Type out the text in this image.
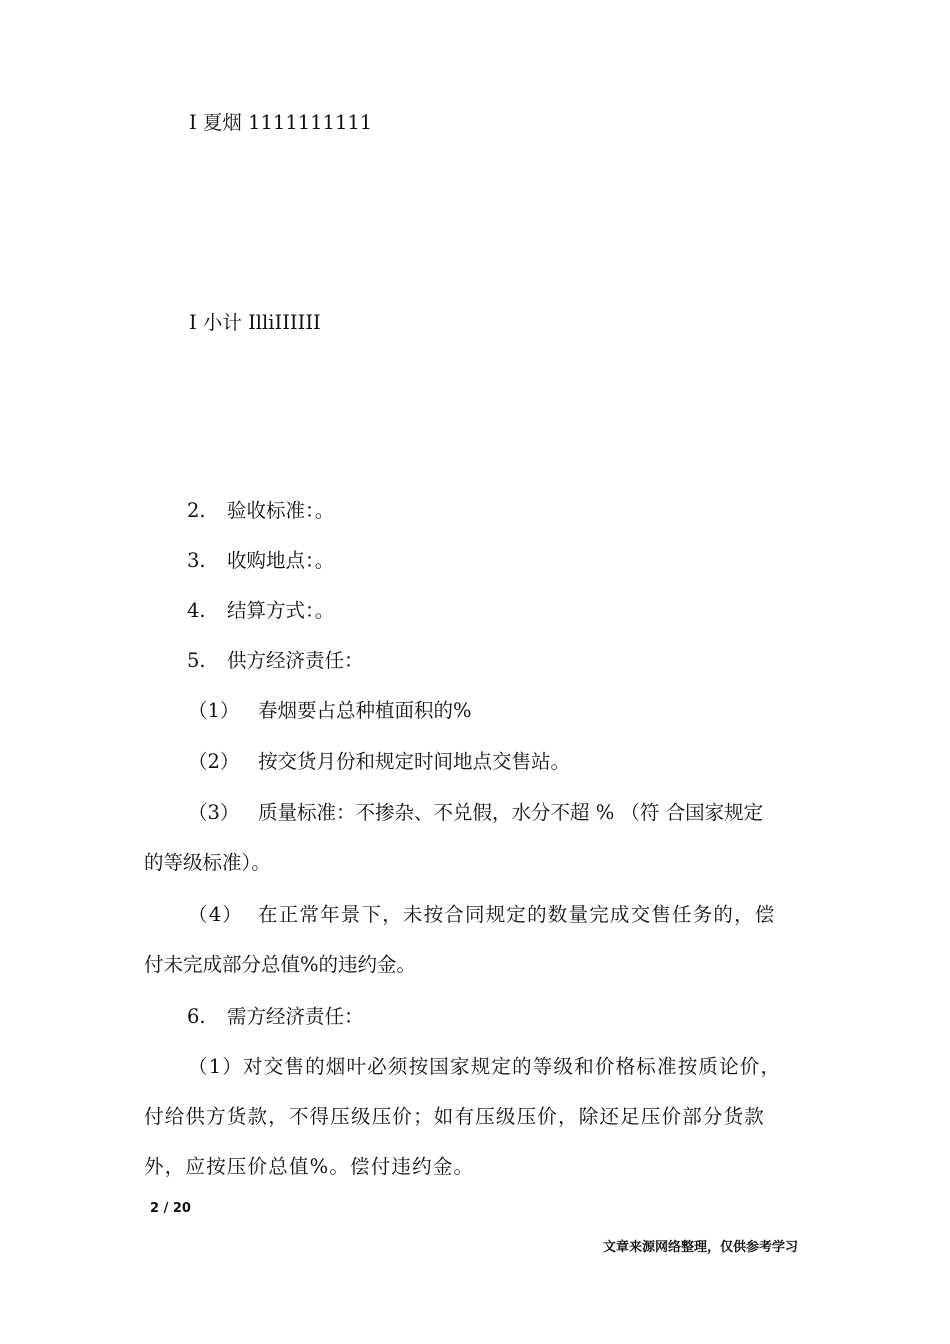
I 夏烟 1111111111

I 小计 IlliIIIIII

2. 验收标准：。

3. 收购地点：。

4. 结算方式：。

5. 供方经济责任：

（1） 春烟要占总种植面积的%

（2） 按交货月份和规定时间地点交售站。

（3） 质量标准：不掺杂、不兑假，水分不超 % （符 合国家规定

的等级标准）。

（4） 在正常年景下，未按合同规定的数量完成交售任务的，偿

付未完成部分总值%的违约金。

6. 需方经济责任：

（1）对交售的烟叶必须按国家规定的等级和价格标准按质论价，

付给供方货款，不得压级压价；如有压级压价，除还足压价部分货款

外，应按压价总值%。偿付违约金。

2 / 20
文章来源网络整理，仅供参考学习
